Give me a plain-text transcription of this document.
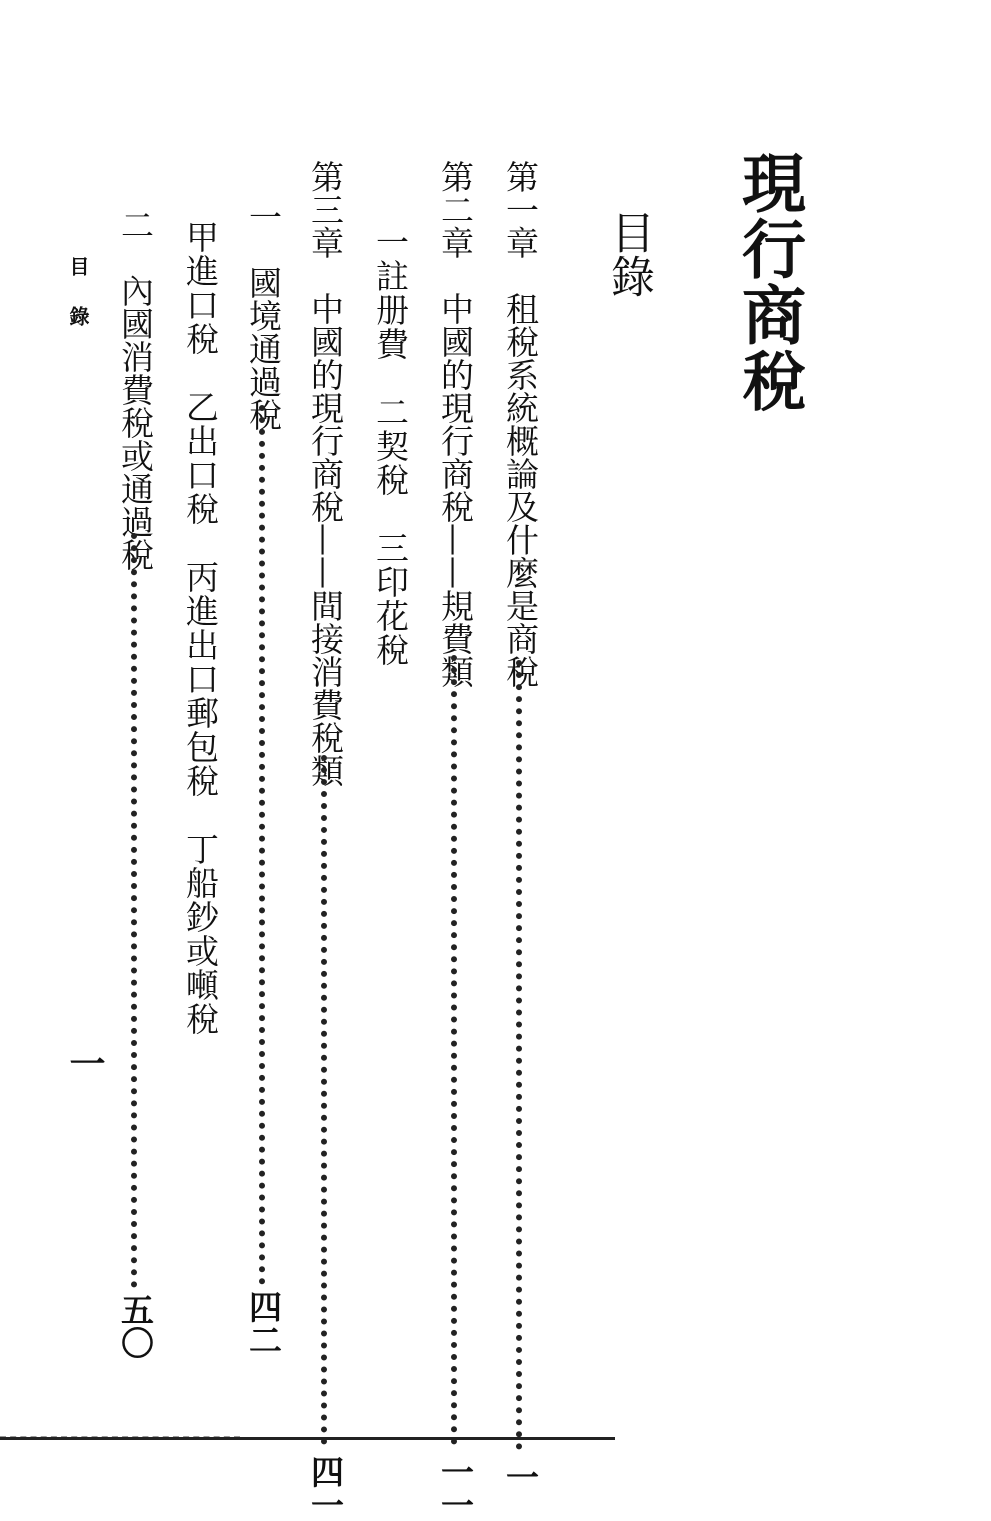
現行商稅
目錄
第一章　租稅系統概論及什麼是商稅
一
第二章　中國的現行商稅——規費類
一一
一註册費　二契稅　三印花稅
第三章　中國的現行商稅——間接消費稅類
四一
一　國境通過稅
四二
甲進口稅　乙出口稅　丙進出口郵包稅　丁船鈔或噸稅
二　內國消費稅或通過稅
五〇
目錄
一
